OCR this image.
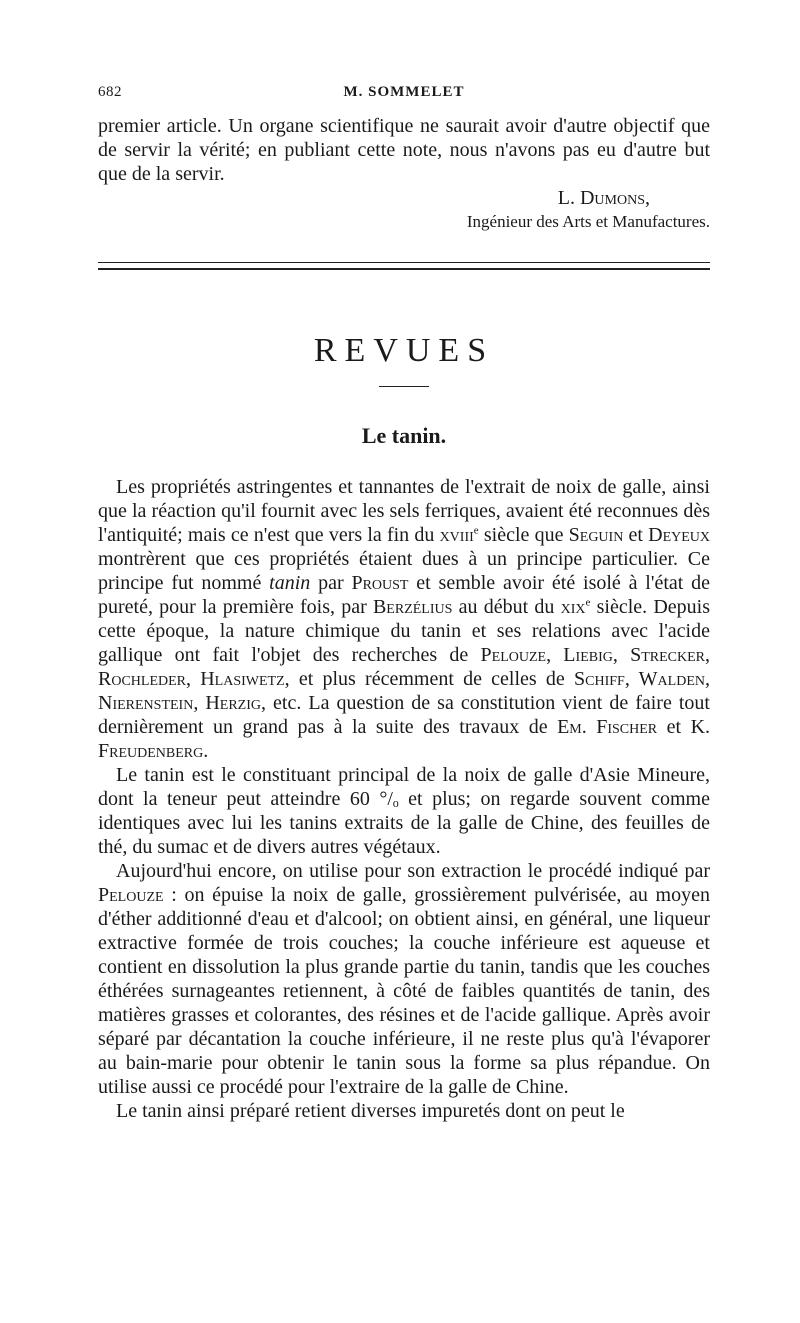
682	M. SOMMELET

premier article. Un organe scientifique ne saurait avoir d'autre objectif que de servir la vérité; en publiant cette note, nous n'avons pas eu d'autre but que de la servir.

L. Dumons,
Ingénieur des Arts et Manufactures.
REVUES
Le tanin.

Les propriétés astringentes et tannantes de l'extrait de noix de galle, ainsi que la réaction qu'il fournit avec les sels ferriques, avaient été reconnues dès l'antiquité; mais ce n'est que vers la fin du xviii$^e$ siècle que Seguin et Deyeux montrèrent que ces propriétés étaient dues à un principe particulier. Ce principe fut nommé tanin par Proust et semble avoir été isolé à l'état de pureté, pour la première fois, par Berzélius au début du xix$^e$ siècle. Depuis cette époque, la nature chimique du tanin et ses relations avec l'acide gallique ont fait l'objet des recherches de Pelouze, Liebig, Strecker, Rochleder, Hlasiwetz, et plus récemment de celles de Schiff, Walden, Nierenstein, Herzig, etc. La question de sa constitution vient de faire tout dernièrement un grand pas à la suite des travaux de Em. Fischer et K. Freudenberg.

Le tanin est le constituant principal de la noix de galle d'Asie Mineure, dont la teneur peut atteindre 60 °/ₒ et plus; on regarde souvent comme identiques avec lui les tanins extraits de la galle de Chine, des feuilles de thé, du sumac et de divers autres végétaux.

Aujourd'hui encore, on utilise pour son extraction le procédé indiqué par Pelouze : on épuise la noix de galle, grossièrement pulvérisée, au moyen d'éther additionné d'eau et d'alcool; on obtient ainsi, en général, une liqueur extractive formée de trois couches; la couche inférieure est aqueuse et contient en dissolution la plus grande partie du tanin, tandis que les couches éthérées surnageantes retiennent, à côté de faibles quantités de tanin, des matières grasses et colorantes, des résines et de l'acide gallique. Après avoir séparé par décantation la couche inférieure, il ne reste plus qu'à l'évaporer au bain-marie pour obtenir le tanin sous la forme sa plus répandue. On utilise aussi ce procédé pour l'extraire de la galle de Chine.

Le tanin ainsi préparé retient diverses impuretés dont on peut le
